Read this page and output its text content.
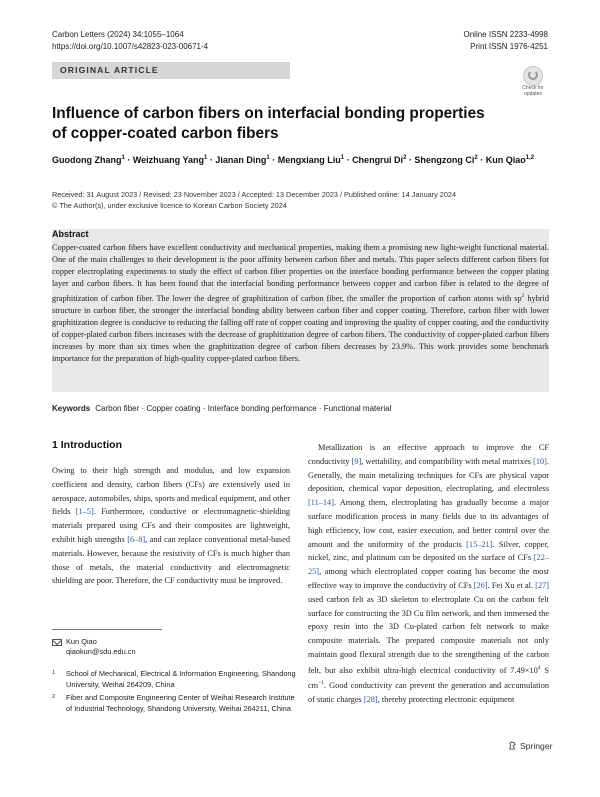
Carbon Letters (2024) 34:1055–1064
https://doi.org/10.1007/s42823-023-00671-4
Online ISSN 2233-4998
Print ISSN 1976-4251
ORIGINAL ARTICLE
Check for updates
Influence of carbon fibers on interfacial bonding properties
of copper-coated carbon fibers
Guodong Zhang$^1$ · Weizhuang Yang$^1$ · Jianan Ding$^1$ · Mengxiang Liu$^1$ · Chengrui $Di^2$ · Shengzong $Ci^2$ · Kun Qiao$^{1,2}$
Received: 31 August 2023 / Revised: 23 November 2023 / Accepted: 13 December 2023 / Published online: 14 January 2024
© The Author(s), under exclusive licence to Korean Carbon Society 2024
Abstract

Copper-coated carbon fibers have excellent conductivity and mechanical properties, making them a promising new light-weight functional material. One of the main challenges to their development is the poor affinity between carbon fiber and metals. This paper selects different carbon fibers for copper electroplating experiments to study the effect of carbon fiber properties on the interface bonding performance between the copper plating layer and carbon fibers. It has been found that the interfacial bonding performance between copper and carbon fiber is related to the degree of graphitization of carbon fiber. The lower the degree of graphitization of carbon fiber, the smaller the proportion of carbon atoms with $sp^2$ hybrid structure in carbon fiber, the stronger the interfacial bonding ability between carbon fiber and copper coating. Therefore, carbon fiber with lower graphitization degree is conducive to reducing the falling off rate of copper coating and improving the quality of copper coating, and the conductivity of copper-plated carbon fibers increases with the decrease of graphitization degree of carbon fibers. The conductivity of copper-plated carbon fibers increases by more than six times when the graphitization degree of carbon fibers decreases by 23.9%. This work provides some benchmark importance for the preparation of high-quality copper-plated carbon fibers.

Keywords Carbon fiber · Copper coating · Interface bonding performance · Functional material
1 Introduction
Owing to their high strength and modulus, and low expansion coefficient and density, carbon fibers (CFs) are extensively used in aerospace, automobiles, ships, sports and medical equipment, and other fields [1–5]. Furthermore, conductive or electromagnetic-shielding materials prepared using CFs and their composites are lightweight, exhibit high strengths [6–8], and can replace conventional metal-based materials. However, because the resistivity of CFs is much higher than those of metals, the material conductivity and electromagnetic shielding are poor. Therefore, the CF conductivity must be improved.
Metallization is an effective approach to improve the CF conductivity [9], wettability, and compatibility with metal matrixes [10]. Generally, the main metalizing techniques for CFs are physical vapor deposition, chemical vapor deposition, electroplating, and electroless [11–14]. Among them, electroplating has gradually become a major surface modification process in many fields due to its advantages of high efficiency, low cost, easier execution, and better control over the amount and the uniformity of the products [15–21]. Silver, copper, nickel, zinc, and platinum can be deposited on the surface of CFs [22–25], among which electroplated copper coating has become the most effective way to improve the conductivity of CFs [26]. Fei Xu et al. [27] used carbon felt as 3D skeleton to electroplate Cu on the carbon felt surface for constructing the 3D Cu film network, and then immersed the epoxy resin into the 3D Cu-plated carbon felt network to make composite materials. The prepared composite materials not only maintain good flexural strength due to the strengthening of the carbon felt, but also exhibit ultra-high electrical conductivity of $7.49\times 10^4$ S $cm^{-1}$. Good conductivity can prevent the generation and accumulation of static charges [28], thereby protecting electronic equipment
Kun Qiao
qiaokun@sdu.edu.cn
1 School of Mechanical, Electrical & Information Engineering, Shandong University, Weihai 264209, China
2 Fiber and Composite Engineering Center of Weihai Research Institute of Industrial Technology, Shandong University, Weihai 264211, China
Springer
